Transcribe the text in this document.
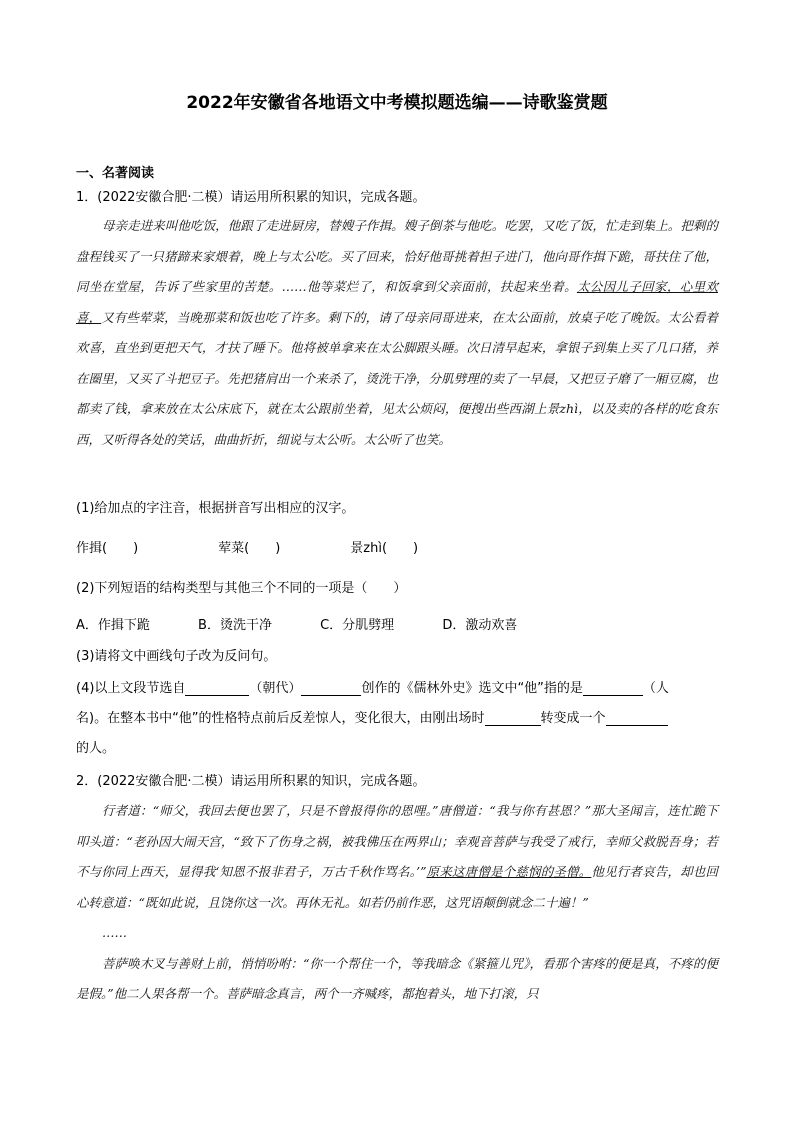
2022年安徽省各地语文中考模拟题选编——诗歌鉴赏题
一、名著阅读
1．(2022安徽合肥·二模）请运用所积累的知识，完成各题。

母亲走进来叫他吃饭，他跟了走进厨房，替嫂子作揖。嫂子倒茶与他吃。吃罢，又吃了饭，忙走到集上。把剩的盘程钱买了一只猪蹄来家煨着，晚上与太公吃。买了回来，恰好他哥挑着担子进门，他向哥作揖下跪，哥扶住了他，同坐在堂屋，告诉了些家里的苦楚。……他等菜烂了，和饭拿到父亲面前，扶起来坐着。太公因儿子回家，心里欢喜，又有些荤菜，当晚那菜和饭也吃了许多。剩下的，请了母亲同哥进来，在太公面前，放桌子吃了晚饭。太公看着欢喜，直坐到更把天气，才扶了睡下。他将被单拿来在太公脚跟头睡。次日清早起来，拿银子到集上买了几口猪，养在圈里，又买了斗把豆子。先把猪肩出一个来杀了，烫洗干净，分肌劈理的卖了一早晨，又把豆子磨了一厢豆腐，也都卖了钱，拿来放在太公床底下，就在太公跟前坐着，见太公烦闷，便搜出些西湖上景zhì，以及卖的各样的吃食东西，又听得各处的笑话，曲曲折折，细说与太公听。太公听了也笑。

(1)给加点的字注音，根据拼音写出相应的汉字。
作揖(　　)	荤菜(　　)	景zhì(　　)
(2)下列短语的结构类型与其他三个不同的一项是（　　）
A．作揖下跪	B．烫洗干净	C．分肌劈理	D．激动欢喜
(3)请将文中画线句子改为反问句。
(4)以上文段节选自	（朝代）	创作的《儒林外史》选文中“他”指的是	（人
名)。在整本书中“他”的性格特点前后反差惊人，变化很大，由刚出场时	转变成一个
的人。
2．(2022安徽合肥·二模）请运用所积累的知识，完成各题。

行者道：“师父，我回去便也罢了，只是不曾报得你的恩哩。”唐僧道：“我与你有甚恩？”那大圣闻言，连忙跪下叩头道：“老孙因大闹天宫，“致下了伤身之祸，被我佛压在两界山；幸观音菩萨与我受了戒行，幸师父救脱吾身；若不与你同上西天，显得我‘知恩不报非君子，万古千秋作骂名。’”原来这唐僧是个慈悯的圣僧。他见行者哀告，却也回心转意道：“既如此说，且饶你这一次。再休无礼。如若仍前作恶，这咒语颠倒就念二十遍！”

……

菩萨唤木叉与善财上前，悄悄吩咐：“你一个帮住一个，等我暗念《紧箍儿咒》，看那个害疼的便是真，不疼的便是假。”他二人果各帮一个。菩萨暗念真言，两个一齐喊疼，都抱着头，地下打滚，只
